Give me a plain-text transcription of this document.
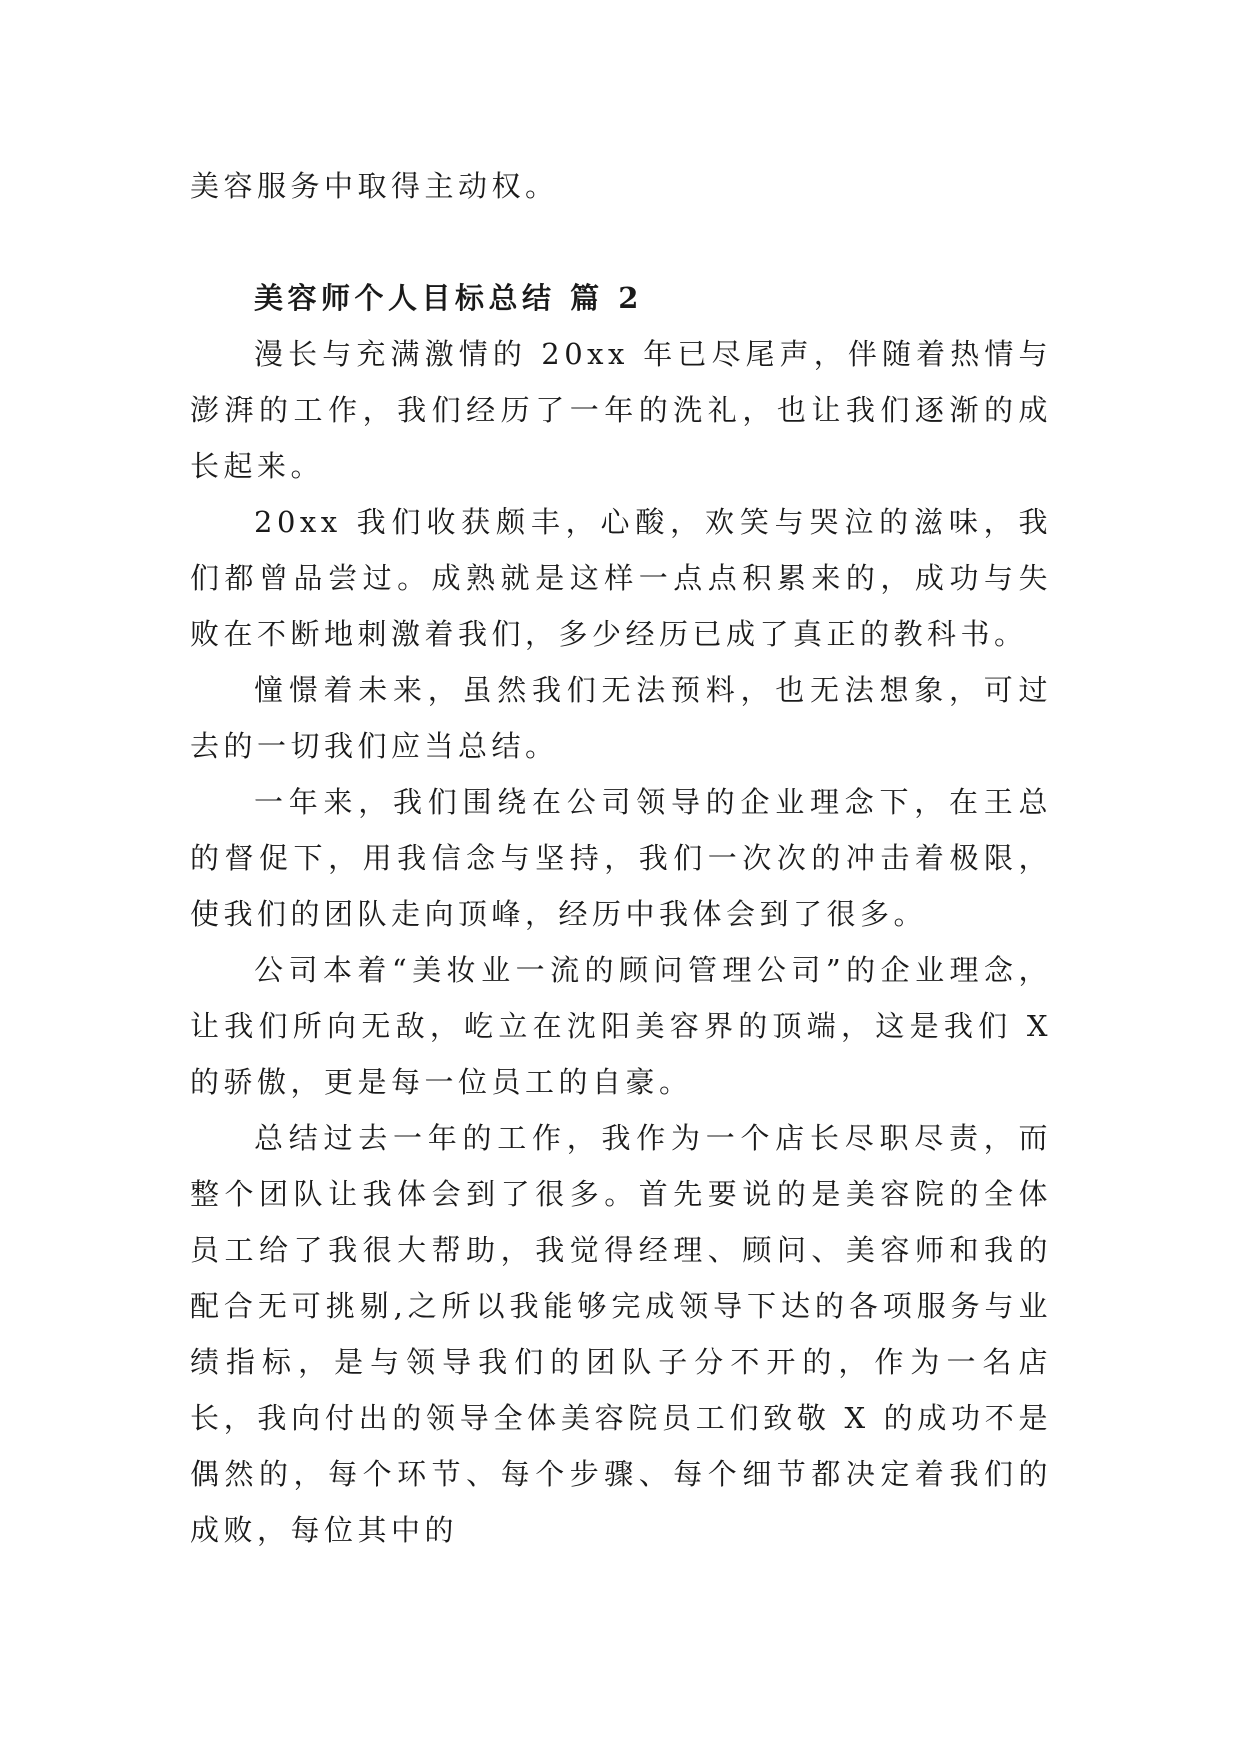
美容服务中取得主动权。

美容师个人目标总结 篇 2

漫长与充满激情的 20xx 年已尽尾声，伴随着热情与澎湃的工作，我们经历了一年的洗礼，也让我们逐渐的成长起来。

20xx 我们收获颇丰，心酸，欢笑与哭泣的滋味，我们都曾品尝过。成熟就是这样一点点积累来的，成功与失败在不断地刺激着我们，多少经历已成了真正的教科书。

憧憬着未来，虽然我们无法预料，也无法想象，可过去的一切我们应当总结。

一年来，我们围绕在公司领导的企业理念下，在王总的督促下，用我信念与坚持，我们一次次的冲击着极限，使我们的团队走向顶峰，经历中我体会到了很多。

公司本着“美妆业一流的顾问管理公司”的企业理念，让我们所向无敌，屹立在沈阳美容界的顶端，这是我们 X 的骄傲，更是每一位员工的自豪。

总结过去一年的工作，我作为一个店长尽职尽责，而整个团队让我体会到了很多。首先要说的是美容院的全体员工给了我很大帮助，我觉得经理、顾问、美容师和我的配合无可挑剔,之所以我能够完成领导下达的各项服务与业绩指标，是与领导我们的团队子分不开的，作为一名店长，我向付出的领导全体美容院员工们致敬 X 的成功不是偶然的，每个环节、每个步骤、每个细节都决定着我们的成败，每位其中的
